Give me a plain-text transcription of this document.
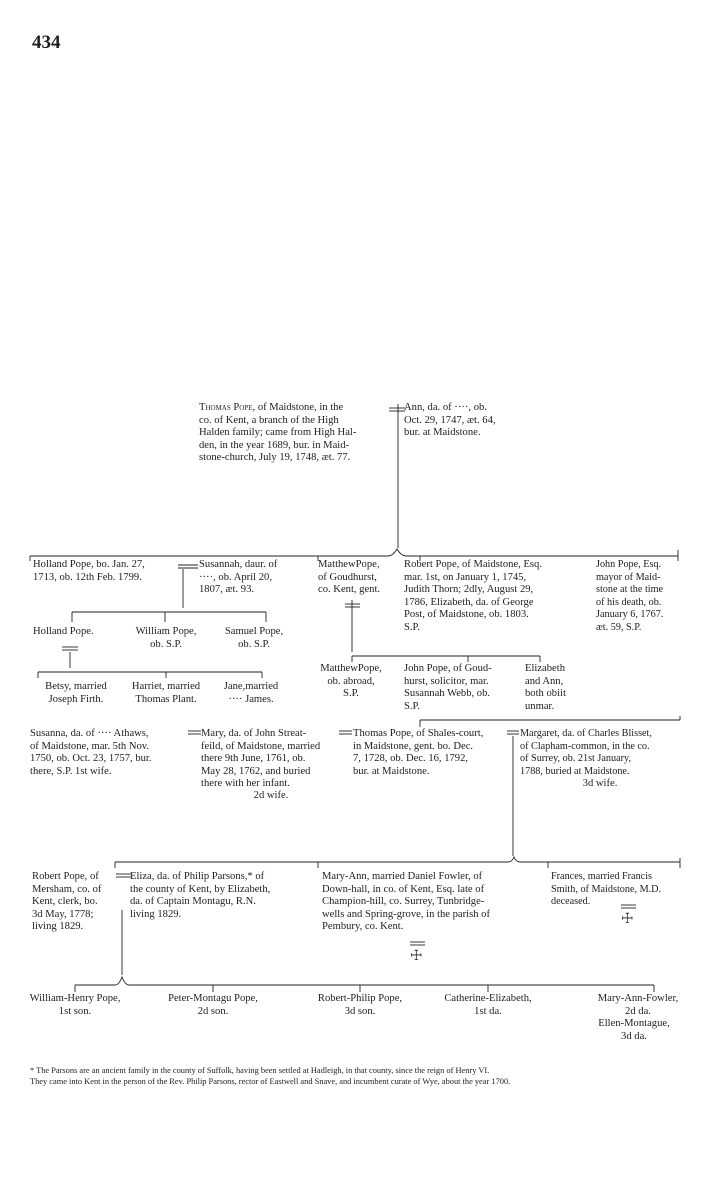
434

Thomas Pope, of Maidstone, in the
co. of Kent, a branch of the High
Halden family; came from High Hal-
den, in the year 1689, bur. in Maid-
stone-church, July 19, 1748, æt. 77.

Ann, da. of ····, ob.
Oct. 29, 1747, æt. 64,
bur. at Maidstone.

Holland Pope, bo. Jan. 27,
1713, ob. 12th Feb. 1799.

Susannah, daur. of
····, ob. April 20,
1807, æt. 93.

MatthewPope,
of Goudhurst,
co. Kent, gent.

Robert Pope, of Maidstone, Esq.
mar. 1st, on January 1, 1745,
Judith Thorn; 2dly, August 29,
1786, Elizabeth, da. of George
Post, of Maidstone, ob. 1803.
S.P.

John Pope, Esq.
mayor of Maid-
stone at the time
of his death, ob.
January 6, 1767.
æt. 59, S.P.

Holland Pope.	William Pope,
ob. S.P.

Samuel Pope,
ob. S.P.

Betsy, married
Joseph Firth.

Harriet, married
Thomas Plant.

Jane,married
···· James.

MatthewPope,
ob. abroad,
S.P.

John Pope, of Goud-
hurst, solicitor, mar.
Susannah Webb, ob.
S.P.

Elizabeth
and Ann,
both obiit
unmar.

Susanna, da. of ···· Athaws,
of Maidstone, mar. 5th Nov.
1750, ob. Oct. 23, 1757, bur.
there, S.P. 1st wife.

Mary, da. of John Streat-
feild, of Maidstone, married
there 9th June, 1761, ob.
May 28, 1762, and buried
there with her infant.

2d wife.

Thomas Pope, of Shales-court,
in Maidstone, gent. bo. Dec.
7, 1728, ob. Dec. 16, 1792,
bur. at Maidstone.

Margaret, da. of Charles Blisset,
of Clapham-common, in the co.
of Surrey, ob. 21st January,
1788, buried at Maidstone.

3d wife.

Robert Pope, of
Mersham, co. of
Kent, clerk, bo.
3d May, 1778;
living 1829.

Eliza, da. of Philip Parsons,* of
the county of Kent, by Elizabeth,
da. of Captain Montagu, R.N.
living 1829.

Mary-Ann, married Daniel Fowler, of
Down-hall, in co. of Kent, Esq. late of
Champion-hill, co. Surrey, Tunbridge-
wells and Spring-grove, in the parish of
Pembury, co. Kent.

Frances, married Francis
Smith, of Maidstone, M.D.
deceased.

☩
☩

William-Henry Pope,
1st son.

Peter-Montagu Pope,
2d son.

Robert-Philip Pope,
3d son.

Catherine-Elizabeth,
1st da.

Mary-Ann-Fowler,
2d da.

Ellen-Montague,
3d da.

* The Parsons are an ancient family in the county of Suffolk, having been settled at Hadleigh, in that county, since the reign of Henry VI.
They came into Kent in the person of the Rev. Philip Parsons, rector of Eastwell and Snave, and incumbent curate of Wye, about the year 1700.
